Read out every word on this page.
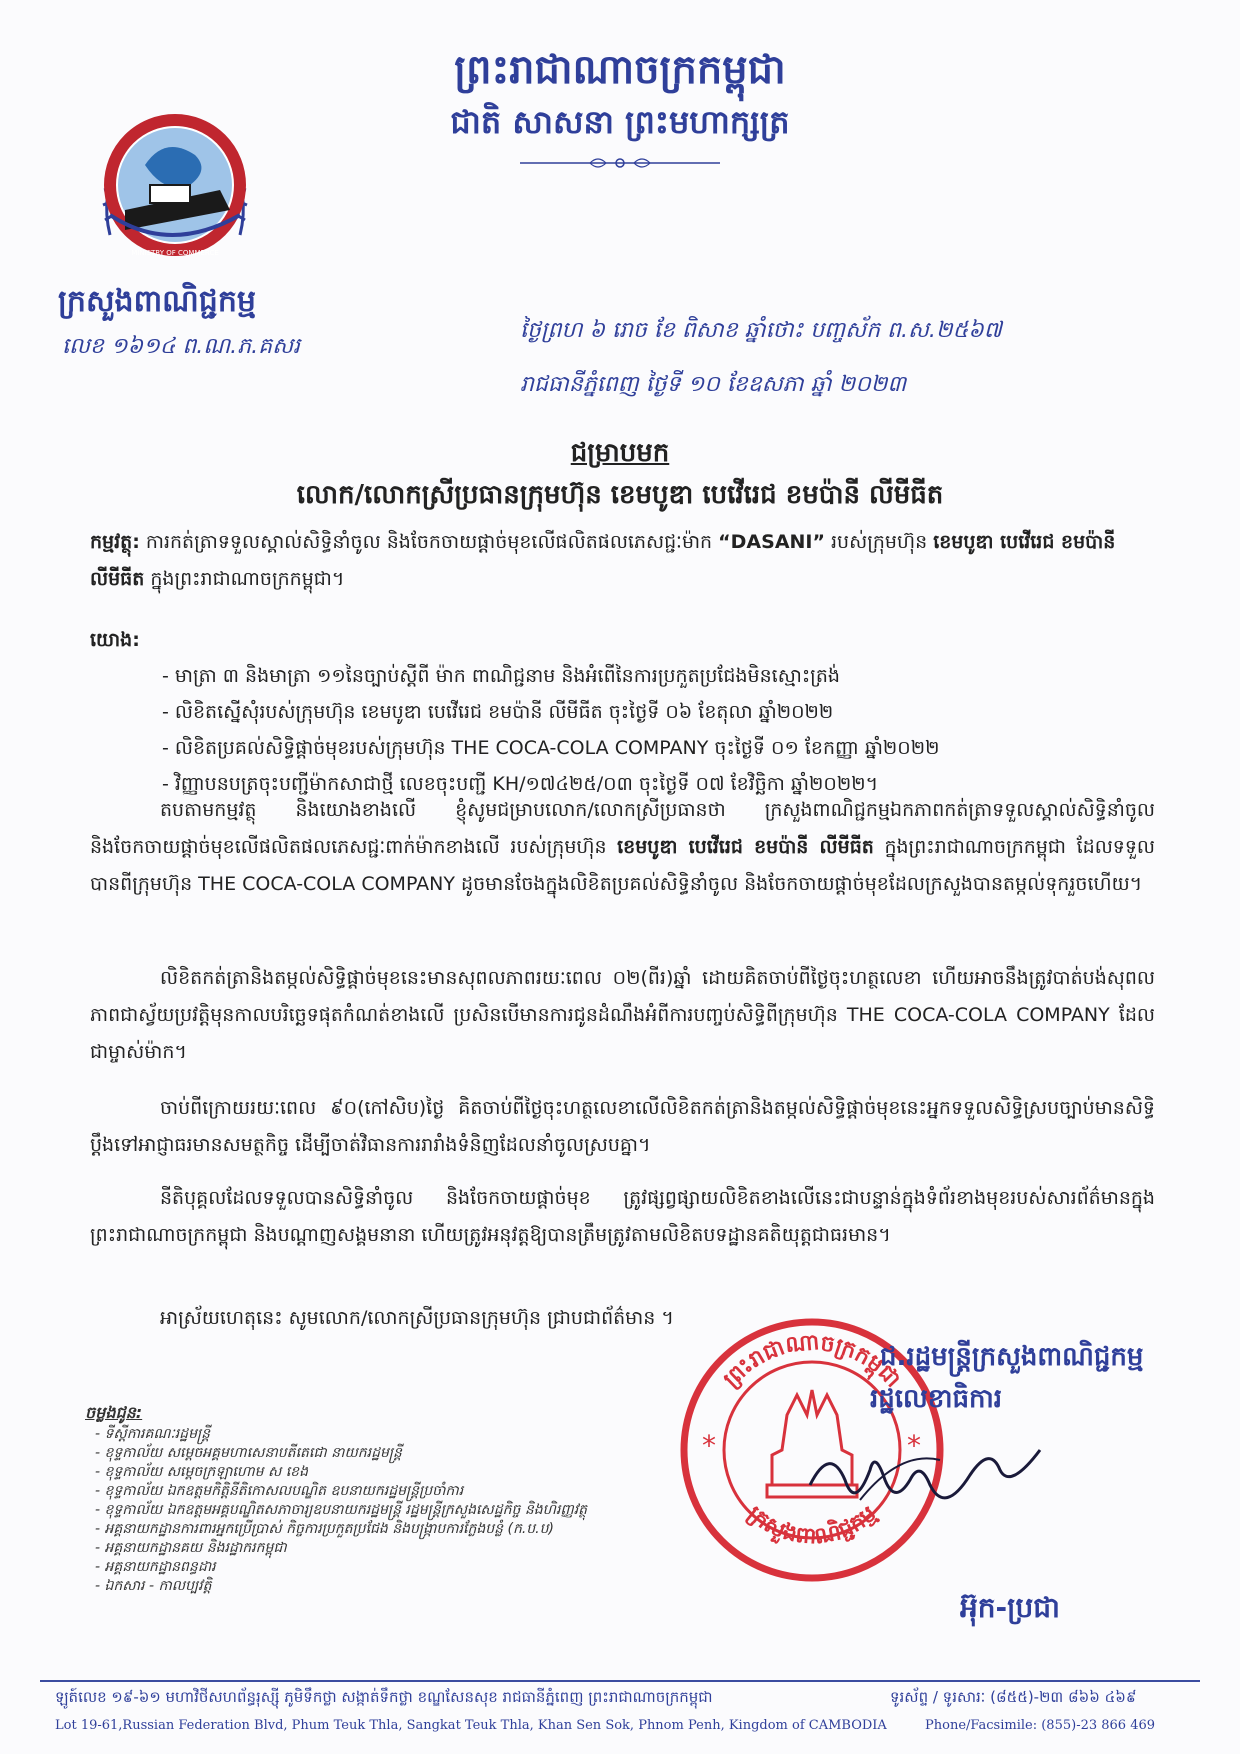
ព្រះរាជាណាចក្រកម្ពុជា
ជាតិ សាសនា ព្រះមហាក្សត្រ
MINISTRY OF COMMERCE
ក្រសួងពាណិជ្ជកម្ម
លេខ ១៦១៤ ព.ណ.ភ.គសរ
ថ្ងៃព្រហ ៦ រោច ខែ ពិសាខ ឆ្នាំថោះ បញ្ចស័ក ព.ស.២៥៦៧
រាជធានីភ្នំពេញ ថ្ងៃទី ១០ ខែឧសភា ឆ្នាំ ២០២៣
ជម្រាបមក
លោក/លោកស្រីប្រធានក្រុមហ៊ុន ខេមបូឌា បេវើរេជ ខមប៉ានី លីមីធីត
កម្មវត្ថុ: ការកត់ត្រាទទួលស្គាល់សិទ្ធិនាំចូល និងចែកចាយផ្តាច់មុខលើផលិតផលភេសជ្ជៈម៉ាក “DASANI” របស់ក្រុមហ៊ុន ខេមបូឌា បេវើរេជ ខមប៉ានី លីមីធីត ក្នុងព្រះរាជាណាចក្រកម្ពុជា។
យោង:
- មាត្រា ៣ និងមាត្រា ១១នៃច្បាប់ស្តីពី ម៉ាក ពាណិជ្ជនាម និងអំពើនៃការប្រកួតប្រជែងមិនស្មោះត្រង់
- លិខិតស្នើសុំរបស់ក្រុមហ៊ុន ខេមបូឌា បេវើរេជ ខមប៉ានី លីមីធីត ចុះថ្ងៃទី ០៦ ខែតុលា ឆ្នាំ២០២២
- លិខិតប្រគល់សិទ្ធិផ្តាច់មុខរបស់ក្រុមហ៊ុន THE COCA-COLA COMPANY ចុះថ្ងៃទី ០១ ខែកញ្ញា ឆ្នាំ២០២២
- វិញ្ញាបនបត្រចុះបញ្ជីម៉ាកសាជាថ្មី លេខចុះបញ្ជី KH/១៧៤២៥/០៣ ចុះថ្ងៃទី ០៧ ខែវិច្ឆិកា ឆ្នាំ២០២២។
តបតាមកម្មវត្ថុ និងយោងខាងលើ ខ្ញុំសូមជម្រាបលោក/លោកស្រីប្រធានថា ក្រសួងពាណិជ្ជកម្មឯកភាពកត់ត្រាទទួលស្គាល់សិទ្ធិនាំចូល និងចែកចាយផ្តាច់មុខលើផលិតផលភេសជ្ជៈពាក់ម៉ាកខាងលើ របស់ក្រុមហ៊ុន ខេមបូឌា បេវើរេជ ខមប៉ានី លីមីធីត ក្នុងព្រះរាជាណាចក្រកម្ពុជា ដែលទទួលបានពីក្រុមហ៊ុន THE COCA-COLA COMPANY ដូចមានចែងក្នុងលិខិតប្រគល់សិទ្ធិនាំចូល និងចែកចាយផ្តាច់មុខដែលក្រសួងបានតម្កល់ទុករួចហើយ។
លិខិតកត់ត្រានិងតម្កល់សិទ្ធិផ្តាច់មុខនេះមានសុពលភាពរយៈពេល ០២(ពីរ)ឆ្នាំ ដោយគិតចាប់ពីថ្ងៃចុះហត្ថលេខា ហើយអាចនឹងត្រូវបាត់បង់សុពលភាពជាស្វ័យប្រវត្តិមុនកាលបរិច្ឆេទផុតកំណត់ខាងលើ ប្រសិនបើមានការជូនដំណឹងអំពីការបញ្ចប់សិទ្ធិពីក្រុមហ៊ុន THE COCA-COLA COMPANY ដែលជាម្ចាស់ម៉ាក។
ចាប់ពីក្រោយរយៈពេល ៩០(កៅសិប)ថ្ងៃ គិតចាប់ពីថ្ងៃចុះហត្ថលេខាលើលិខិតកត់ត្រានិងតម្កល់សិទ្ធិផ្តាច់មុខនេះអ្នកទទួលសិទ្ធិស្របច្បាប់មានសិទ្ធិប្តឹងទៅអាជ្ញាធរមានសមត្ថកិច្ច ដើម្បីចាត់វិធានការរារាំងទំនិញដែលនាំចូលស្របគ្នា។
នីតិបុគ្គលដែលទទួលបានសិទ្ធិនាំចូល និងចែកចាយផ្តាច់មុខ ត្រូវផ្សព្វផ្សាយលិខិតខាងលើនេះជាបន្ទាន់ក្នុងទំព័រខាងមុខរបស់សារព័ត៌មានក្នុងព្រះរាជាណាចក្រកម្ពុជា និងបណ្តាញសង្គមនានា ហើយត្រូវអនុវត្តឱ្យបានត្រឹមត្រូវតាមលិខិតបទដ្ឋានគតិយុត្តជាធរមាន។
អាស្រ័យហេតុនេះ សូមលោក/លោកស្រីប្រធានក្រុមហ៊ុន ជ្រាបជាព័ត៌មាន ។
*	*
ព្រះរាជាណាចក្រកម្ពុជា
ក្រសួងពាណិជ្ជកម្ម
ជ.រដ្ឋមន្ត្រីក្រសួងពាណិជ្ជកម្ម
រដ្ឋលេខាធិការ
អ៊ុក-ប្រជា
ចម្លងជូន:
- ទីស្តីការគណៈរដ្ឋមន្ត្រី
- ខុទ្ទកាល័យ សម្តេចអគ្គមហាសេនាបតីតេជោ នាយករដ្ឋមន្ត្រី
- ខុទ្ទកាល័យ សម្តេចក្រឡាហោម ស ខេង
- ខុទ្ទកាល័យ ឯកឧត្តមកិត្តិនីតិកោសលបណ្ឌិត ឧបនាយករដ្ឋមន្ត្រីប្រចាំការ
- ខុទ្ទកាល័យ ឯកឧត្តមអគ្គបណ្ឌិតសភាចារ្យឧបនាយករដ្ឋមន្ត្រី រដ្ឋមន្ត្រីក្រសួងសេដ្ឋកិច្ច និងហិរញ្ញវត្ថុ
- អគ្គនាយកដ្ឋានការពារអ្នកប្រើប្រាស់ កិច្ចការប្រកួតប្រជែង និងបង្ក្រាបការក្លែងបន្លំ (ក.ប.ប)
- អគ្គនាយកដ្ឋានគយ និងរដ្ឋាករកម្ពុជា
- អគ្គនាយកដ្ឋានពន្ធដារ
- ឯកសារ - កាលប្បវត្តិ
ឡូត៍លេខ ១៩-៦១ មហាវិថីសហព័ន្ធរុស្ស៊ី ភូមិទឹកថ្លា សង្កាត់ទឹកថ្លា ខណ្ឌសែនសុខ រាជធានីភ្នំពេញ ព្រះរាជាណាចក្រកម្ពុជា	ទូរស័ព្ទ / ទូរសារៈ (៨៥៥)-២៣ ៨៦៦ ៤៦៩
Lot 19-61,Russian Federation Blvd, Phum Teuk Thla, Sangkat Teuk Thla, Khan Sen Sok, Phnom Penh, Kingdom of CAMBODIA	Phone/Facsimile: (855)-23 866 469
